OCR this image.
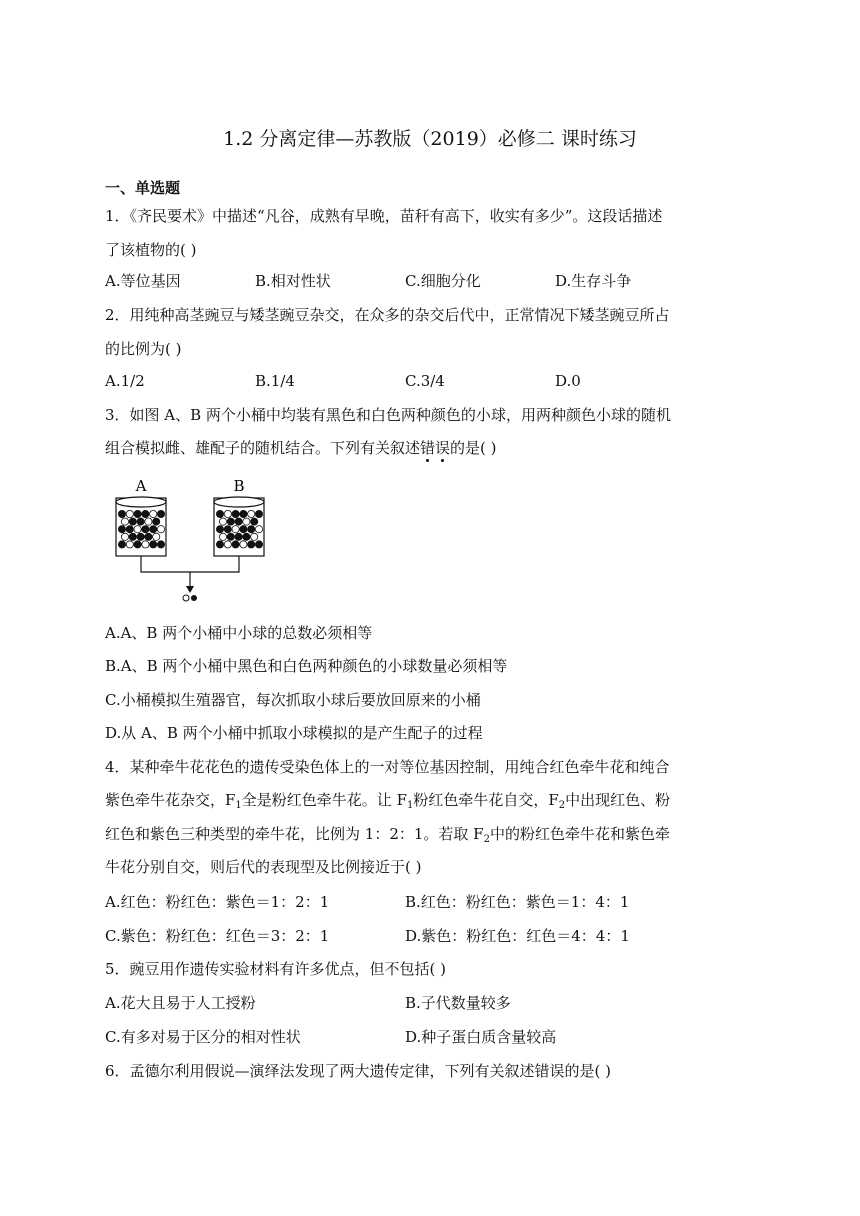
1.2 分离定律—苏教版（2019）必修二 课时练习
一、单选题
1．《齐民要术》中描述“凡谷，成熟有早晚，苗秆有高下，收实有多少”。这段话描述
了该植物的( )
A.等位基因	B.相对性状	C.细胞分化	D.生存斗争
2．用纯种高茎豌豆与矮茎豌豆杂交，在众多的杂交后代中，正常情况下矮茎豌豆所占
的比例为( )
A.1/2	B.1/4	C.3/4	D.0
3．如图 A、B 两个小桶中均装有黑色和白色两种颜色的小球，用两种颜色小球的随机
组合模拟雌、雄配子的随机结合。下列有关叙述错误的是( )
A	B
A.A、B 两个小桶中小球的总数必须相等
B.A、B 两个小桶中黑色和白色两种颜色的小球数量必须相等
C.小桶模拟生殖器官，每次抓取小球后要放回原来的小桶
D.从 A、B 两个小桶中抓取小球模拟的是产生配子的过程
4．某种牵牛花花色的遗传受染色体上的一对等位基因控制，用纯合红色牵牛花和纯合
紫色牵牛花杂交，$F_1$全是粉红色牵牛花。让 $F_1$粉红色牵牛花自交，$F_2$中出现红色、粉
红色和紫色三种类型的牵牛花，比例为 1：2：1。若取 $F_2$中的粉红色牵牛花和紫色牵
牛花分别自交，则后代的表现型及比例接近于( )
A.红色：粉红色：紫色＝1：2：1	B.红色：粉红色：紫色＝1：4：1
C.紫色：粉红色：红色＝3：2：1	D.紫色：粉红色：红色＝4：4：1
5．豌豆用作遗传实验材料有许多优点，但不包括( )
A.花大且易于人工授粉	B.子代数量较多
C.有多对易于区分的相对性状	D.种子蛋白质含量较高
6．孟德尔利用假说—演绎法发现了两大遗传定律，下列有关叙述错误的是( )
